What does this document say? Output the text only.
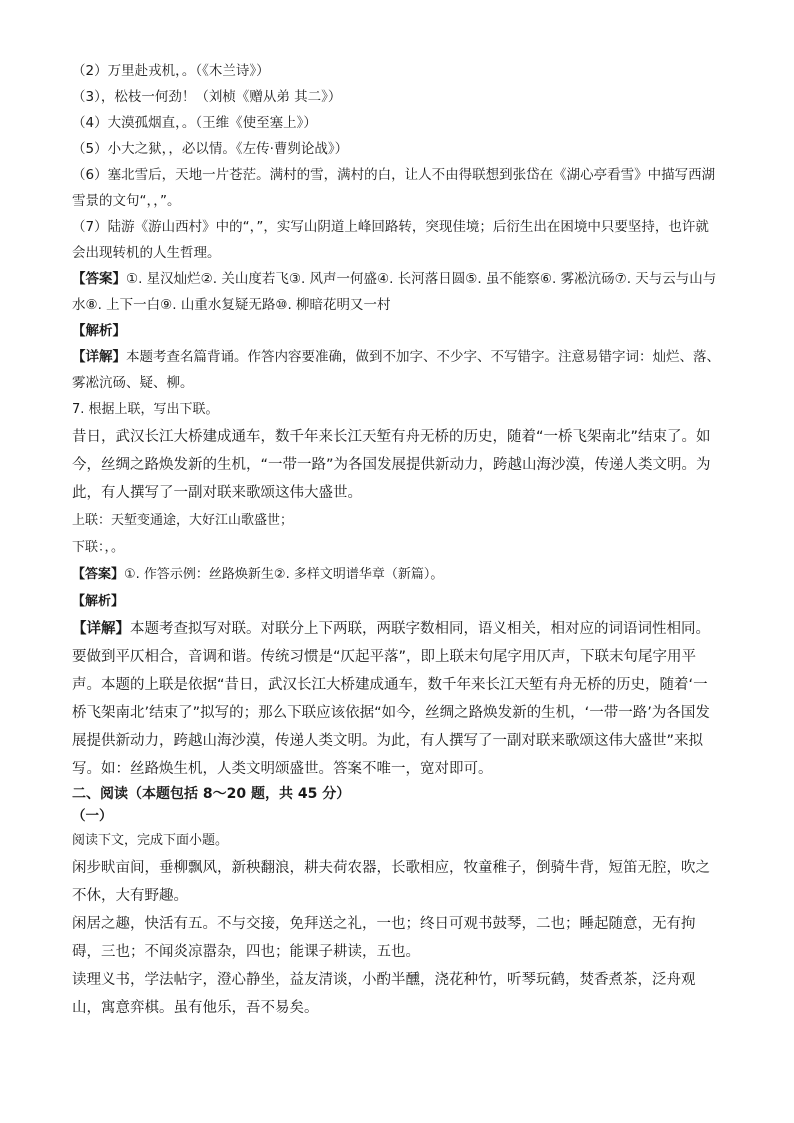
（2）万里赴戎机，。（《木兰诗》）

（3），松枝一何劲！（刘桢《赠从弟 其二》）

（4）大漠孤烟直，。（王维《使至塞上》）

（5）小大之狱，，必以情。《左传·曹刿论战》）

（6）塞北雪后，天地一片苍茫。满村的雪，满村的白，让人不由得联想到张岱在《湖心亭看雪》中描写西湖雪景的文句“，，”。

（7）陆游《游山西村》中的“，”，实写山阴道上峰回路转，突现佳境；后衍生出在困境中只要坚持，也许就会出现转机的人生哲理。

【答案】①. 星汉灿烂②. 关山度若飞③. 风声一何盛④. 长河落日圆⑤. 虽不能察⑥. 雾凇沆砀⑦. 天与云与山与水⑧. 上下一白⑨. 山重水复疑无路⑩. 柳暗花明又一村

【解析】

【详解】本题考查名篇背诵。作答内容要准确，做到不加字、不少字、不写错字。注意易错字词：灿烂、落、雾凇沆砀、疑、柳。

7. 根据上联，写出下联。

昔日，武汉长江大桥建成通车，数千年来长江天堑有舟无桥的历史，随着“一桥飞架南北”结束了。如今，丝绸之路焕发新的生机，“一带一路”为各国发展提供新动力，跨越山海沙漠，传递人类文明。为此，有人撰写了一副对联来歌颂这伟大盛世。

上联：天堑变通途，大好江山歌盛世；

下联：，。

【答案】①. 作答示例：丝路焕新生②. 多样文明谱华章（新篇）。

【解析】

【详解】本题考查拟写对联。对联分上下两联，两联字数相同，语义相关，相对应的词语词性相同。要做到平仄相合，音调和谐。传统习惯是“仄起平落”，即上联末句尾字用仄声，下联末句尾字用平声。本题的上联是依据“昔日，武汉长江大桥建成通车，数千年来长江天堑有舟无桥的历史，随着‘一桥飞架南北’结束了”拟写的；那么下联应该依据“如今，丝绸之路焕发新的生机，‘一带一路’为各国发展提供新动力，跨越山海沙漠，传递人类文明。为此，有人撰写了一副对联来歌颂这伟大盛世”来拟写。如：丝路焕生机，人类文明颂盛世。答案不唯一，宽对即可。

二、阅读（本题包括 8～20 题，共 45 分）

（一）

阅读下文，完成下面小题。

闲步畎亩间，垂柳飘风，新秧翻浪，耕夫荷农器，长歌相应，牧童稚子，倒骑牛背，短笛无腔，吹之不休，大有野趣。

闲居之趣，快活有五。不与交接，免拜送之礼，一也；终日可观书鼓琴，二也；睡起随意，无有拘碍，三也；不闻炎凉嚣杂，四也；能课子耕读，五也。

读理义书，学法帖字，澄心静坐，益友清谈，小酌半醺，浇花种竹，听琴玩鹤，焚香煮茶，泛舟观山，寓意弈棋。虽有他乐，吾不易矣。
